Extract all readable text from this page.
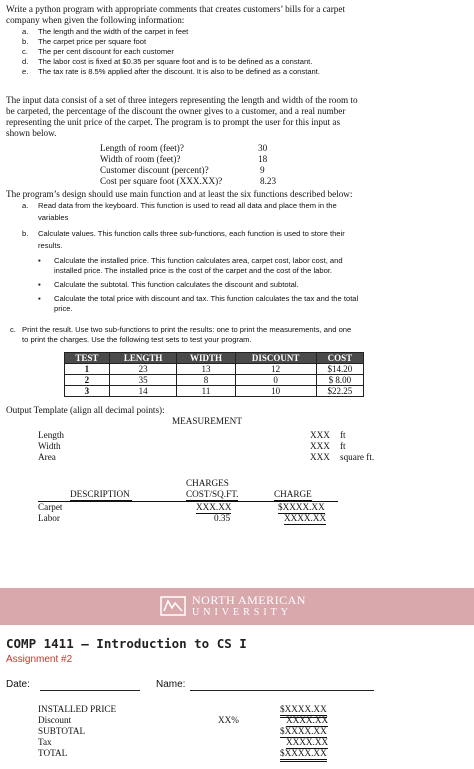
Write a python program with appropriate comments that creates customers’ bills for a carpet
company when given the following information:
a. The length and the width of the carpet in feet
b. The carpet price per square foot
c. The per cent discount for each customer
d. The labor cost is fixed at $0.35 per square foot and is to be defined as a constant.
e. The tax rate is 8.5% applied after the discount. It is also to be defined as a constant.
The input data consist of a set of three integers representing the length and width of the room to
be carpeted, the percentage of the discount the owner gives to a customer, and a real number
representing the unit price of the carpet. The program is to prompt the user for this input as
shown below.
Length of room (feet)?	30
Width of room (feet)?	18
Customer discount (percent)?	9
Cost per square foot (XXX.XX)?	8.23
The program’s design should use main function and at least the six functions described below:
a. Read data from the keyboard. This function is used to read all data and place them in the
variables
b. Calculate values. This function calls three sub-functions, each function is used to store their
results.
▪ Calculate the installed price. This function calculates area, carpet cost, labor cost, and
installed price. The installed price is the cost of the carpet and the cost of the labor.
▪ Calculate the subtotal. This function calculates the discount and subtotal.
▪ Calculate the total price with discount and tax. This function calculates the tax and the total
price.
c. Print the result. Use two sub-functions to print the results: one to print the measurements, and one
to print the charges. Use the following test sets to test your program.
TEST	LENGTH	WIDTH	DISCOUNT	COST
1	23	13	12	$14.20
2	35	8	0	$ 8.00
3	14	11	10	$22.25
Output Template (align all decimal points):
MEASUREMENT
Length	XXX ft
Width	XXX ft
Area	XXX square ft.
CHARGES
DESCRIPTION	COST/SQ.FT.	CHARGE
Carpet	XXX.XX	$XXXX.XX
Labor	0.35	XXXX.XX
NORTH AMERICAN
UNIVERSITY
COMP 1411 – Introduction to CS I
Assignment #2
Date:	Name:
INSTALLED PRICE	$XXXX.XX
Discount	XX%	XXXX.XX
SUBTOTAL	$XXXX.XX
Tax	XXXX.XX
TOTAL	$XXXX.XX
